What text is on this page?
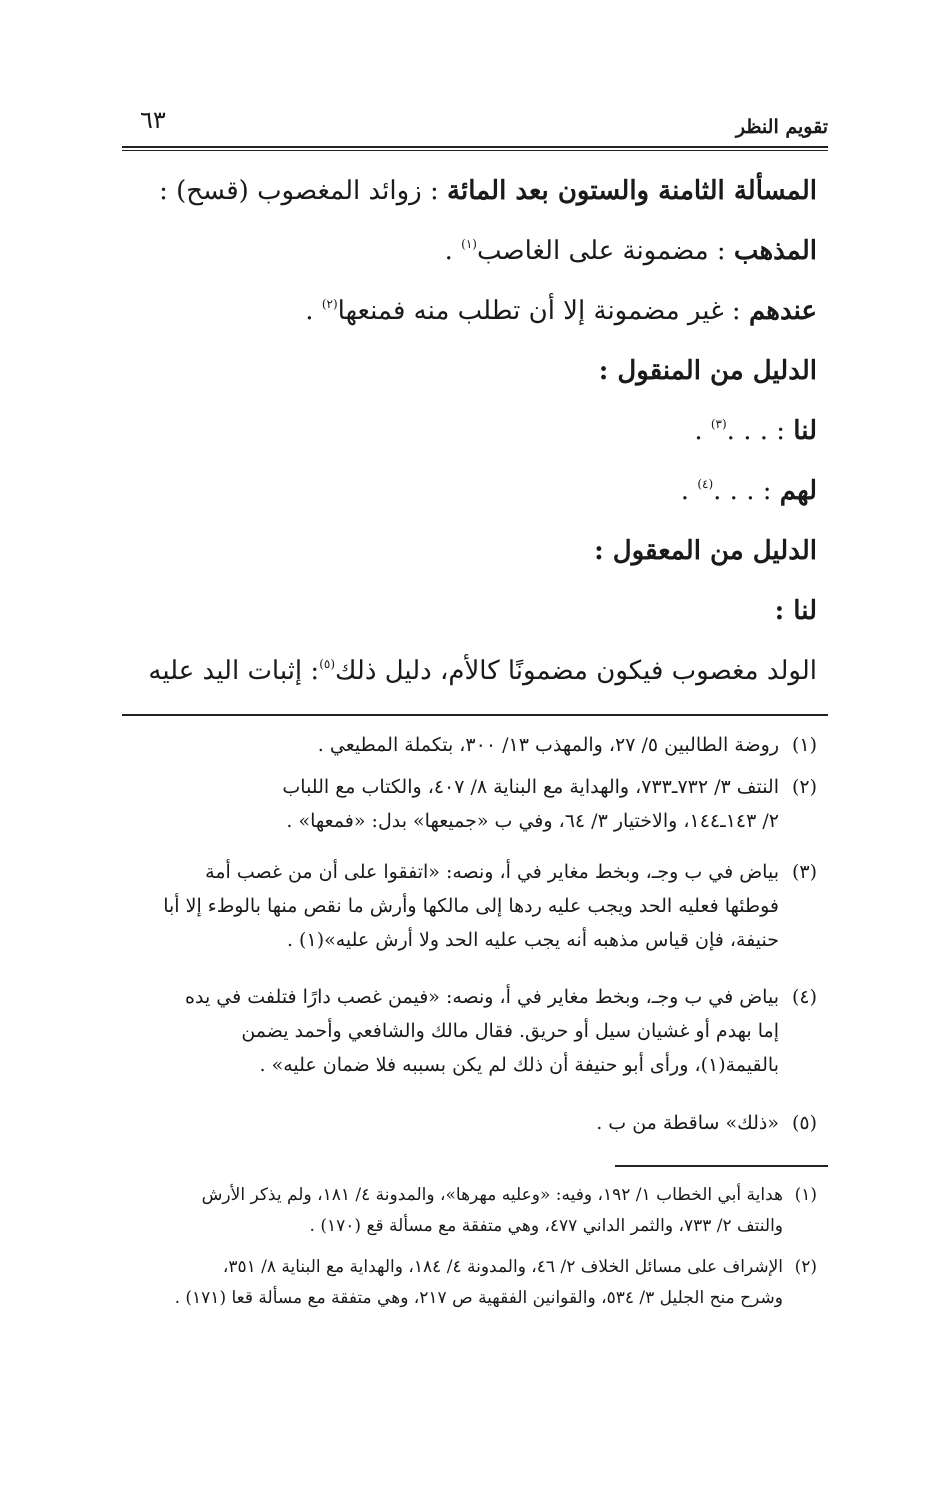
تقويم النظر
٦٣
المسألة الثامنة والستون بعد المائة : زوائد المغصوب (قسح) :
المذهب : مضمونة على الغاصب$^{(١)}$ .
عندهم : غير مضمونة إلا أن تطلب منه فمنعها$^{(٢)}$ .
الدليل من المنقول :
لنا : . . .$^{(٣)}$ .
لهم : . . .$^{(٤)}$ .
الدليل من المعقول :
لنا :
الولد مغصوب فيكون مضمونًا كالأم، دليل ذلك$^{(٥)}$: إثبات اليد عليه
(١)روضة الطالبين ٥/ ٢٧، والمهذب ١٣/ ٣٠٠، بتكملة المطيعي .
(٢)النتف ٣/ ٧٣٢ـ٧٣٣، والهداية مع البناية ٨/ ٤٠٧، والكتاب مع اللباب
٢/ ١٤٣ـ١٤٤، والاختيار ٣/ ٦٤، وفي ب «جميعها» بدل: «فمعها» .
(٣)بياض في ب وجـ، وبخط مغاير في أ، ونصه: «اتفقوا على أن من غصب أمة
فوطئها فعليه الحد ويجب عليه ردها إلى مالكها وأرش ما نقص منها بالوطء إلا أبا
حنيفة، فإن قياس مذهبه أنه يجب عليه الحد ولا أرش عليه»(١) .
(٤)بياض في ب وجـ، وبخط مغاير في أ، ونصه: «فيمن غصب دارًا فتلفت في يده
إما بهدم أو غشيان سيل أو حريق. فقال مالك والشافعي وأحمد يضمن
بالقيمة(١)، ورأى أبو حنيفة أن ذلك لم يكن بسببه فلا ضمان عليه» .
(٥)«ذلك» ساقطة من ب .
(١)هداية أبي الخطاب ١/ ١٩٢، وفيه: «وعليه مهرها»، والمدونة ٤/ ١٨١، ولم يذكر الأرش
والنتف ٢/ ٧٣٣، والثمر الداني ٤٧٧، وهي متفقة مع مسألة قع (١٧٠) .
(٢)الإشراف على مسائل الخلاف ٢/ ٤٦، والمدونة ٤/ ١٨٤، والهداية مع البناية ٨/ ٣٥١،
وشرح منح الجليل ٣/ ٥٣٤، والقوانين الفقهية ص ٢١٧، وهي متفقة مع مسألة قعا (١٧١) .
